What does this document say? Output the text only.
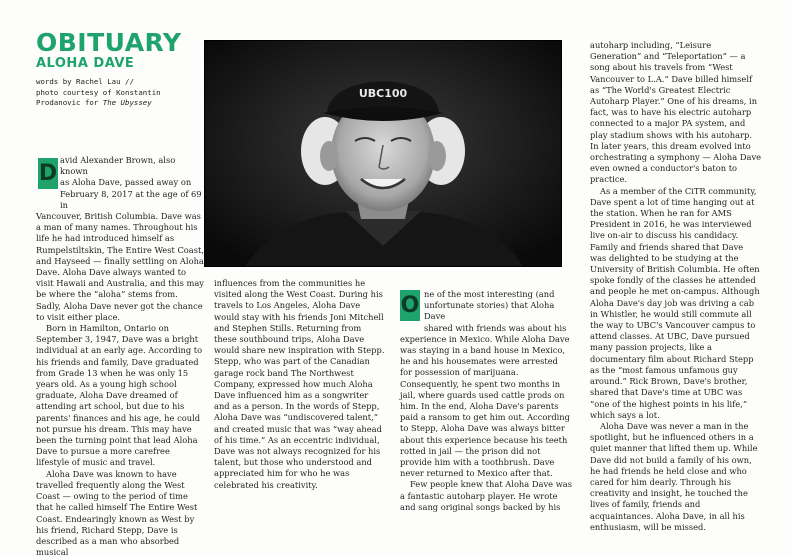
OBITUARY
ALOHA DAVE
words by Rachel Lau //
photo courtesy of Konstantin
Prodanovic for The Ubyssey
UBC100
D

avid Alexander Brown, also known
as Aloha Dave, passed away on
February 8, 2017 at the age of 69 in
Vancouver, British Columbia. Dave was a man of many names. Throughout his life he had introduced himself as Rumpelstiltskin, The Entire West Coast, and Hayseed — finally settling on Aloha Dave. Aloha Dave always wanted to visit Hawaii and Australia, and this may be where the “aloha” stems from. Sadly, Aloha Dave never got the chance to visit either place.

Born in Hamilton, Ontario on September 3, 1947, Dave was a bright individual at an early age. According to his friends and family, Dave graduated from Grade 13 when he was only 15 years old. As a young high school graduate, Aloha Dave dreamed of attending art school, but due to his parents' finances and his age, he could not pursue his dream. This may have been the turning point that lead Aloha Dave to pursue a more carefree lifestyle of music and travel.

Aloha Dave was known to have travelled frequently along the West Coast — owing to the period of time that he called himself The Entire West Coast. Endearingly known as West by his friend, Richard Stepp, Dave is described as a man who absorbed musical

influences from the communities he visited along the West Coast. During his travels to Los Angeles, Aloha Dave would stay with his friends Joni Mitchell and Stephen Stills. Returning from these southbound trips, Aloha Dave would share new inspiration with Stepp. Stepp, who was part of the Canadian garage rock band The Northwest Company, expressed how much Aloha Dave influenced him as a songwriter and as a person. In the words of Stepp, Aloha Dave was “undiscovered talent,” and created music that was “way ahead of his time.” As an eccentric individual, Dave was not always recognized for his talent, but those who understood and appreciated him for who he was celebrated his creativity.

O ne of the most interesting (and
unfortunate stories) that Aloha Dave
shared with friends was about his
experience in Mexico. While Aloha Dave was staying in a band house in Mexico, he and his housemates were arrested for possession of marijuana. Consequently, he spent two months in jail, where guards used cattle prods on him. In the end, Aloha Dave's parents paid a ransom to get him out. According to Stepp, Aloha Dave was always bitter about this experience because his teeth rotted in jail — the prison did not provide him with a toothbrush. Dave never returned to Mexico after that.

Few people knew that Aloha Dave was a fantastic autoharp player. He wrote and sang original songs backed by his

autoharp including, “Leisure Generation” and “Teleportation” — a song about his travels from “West Vancouver to L.A.” Dave billed himself as “The World's Greatest Electric Autoharp Player.” One of his dreams, in fact, was to have his electric autoharp connected to a major PA system, and play stadium shows with his autoharp. In later years, this dream evolved into orchestrating a symphony — Aloha Dave even owned a conductor's baton to practice.

As a member of the CiTR community, Dave spent a lot of time hanging out at the station. When he ran for AMS President in 2016, he was interviewed live on-air to discuss his candidacy. Family and friends shared that Dave was delighted to be studying at the University of British Columbia. He often spoke fondly of the classes he attended and people he met on-campus. Although Aloha Dave's day job was driving a cab in Whistler, he would still commute all the way to UBC's Vancouver campus to attend classes. At UBC, Dave pursued many passion projects, like a documentary film about Richard Stepp as the “most famous unfamous guy around.” Rick Brown, Dave's brother, shared that Dave's time at UBC was “one of the highest points in his life,” which says a lot.

Aloha Dave was never a man in the spotlight, but he influenced others in a quiet manner that lifted them up. While Dave did not build a family of his own, he had friends he held close and who cared for him dearly. Through his creativity and insight, he touched the lives of family, friends and acquaintances. Aloha Dave, in all his enthusiasm, will be missed.
